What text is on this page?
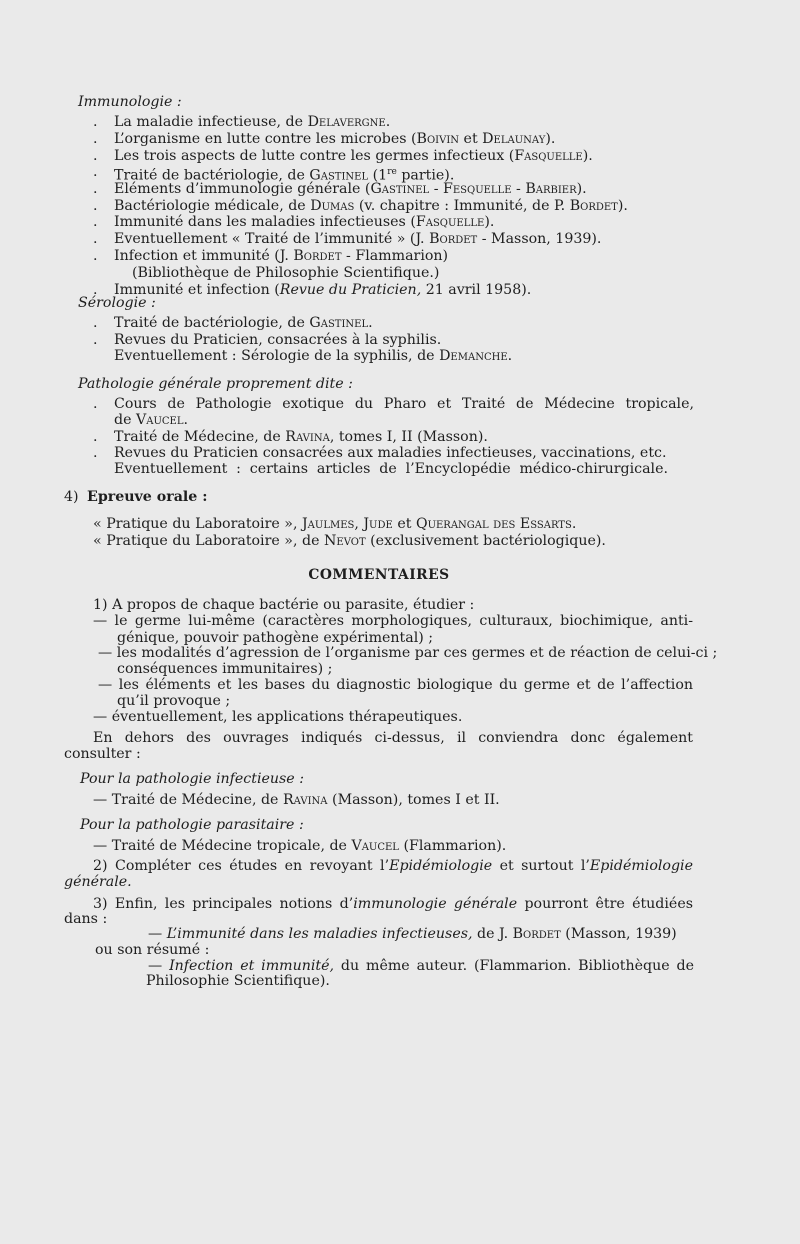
Immunologie :
.	La maladie infectieuse, de Delavergne.
.	L’organisme en lutte contre les microbes (Boivin et Delaunay).
.	Les trois aspects de lutte contre les germes infectieux (Fasquelle).
.	Traité de bactériologie, de Gastinel (1re partie).
.	Eléments d’immunologie générale (Gastinel - Fesquelle - Barbier).
.	Bactériologie médicale, de Dumas (v. chapitre : Immunité, de P. Bordet).
.	Immunité dans les maladies infectieuses (Fasquelle).
.	Eventuellement « Traité de l’immunité » (J. Bordet - Masson, 1939).
.	Infection et immunité (J. Bordet - Flammarion)
(Bibliothèque de Philosophie Scientifique.)
.	Immunité et infection (Revue du Praticien, 21 avril 1958).
Sérologie :
.	Traité de bactériologie, de Gastinel.
.	Revues du Praticien, consacrées à la syphilis.
Eventuellement : Sérologie de la syphilis, de Demanche.
Pathologie générale proprement dite :
.	Cours de Pathologie exotique du Pharo et Traité de Médecine tropicale,
de Vaucel.
.	Traité de Médecine, de Ravina, tomes I, II (Masson).
.	Revues du Praticien consacrées aux maladies infectieuses, vaccinations, etc.
Eventuellement : certains articles de l’Encyclopédie médico-chirurgicale.
4) Epreuve orale :
« Pratique du Laboratoire », Jaulmes, Jude et Querangal des Essarts.
« Pratique du Laboratoire », de Nevot (exclusivement bactériologique).
COMMENTAIRES
1) A propos de chaque bactérie ou parasite, étudier :
— le germe lui-même (caractères morphologiques, culturaux, biochimique, anti-
génique, pouvoir pathogène expérimental) ;
— les modalités d’agression de l’organisme par ces germes et de réaction de celui-ci ;
conséquences immunitaires) ;
— les éléments et les bases du diagnostic biologique du germe et de l’affection
qu’il provoque ;
— éventuellement, les applications thérapeutiques.
En dehors des ouvrages indiqués ci-dessus, il conviendra donc également
consulter :
Pour la pathologie infectieuse :
— Traité de Médecine, de Ravina (Masson), tomes I et II.
Pour la pathologie parasitaire :
— Traité de Médecine tropicale, de Vaucel (Flammarion).
2) Compléter ces études en revoyant l’Epidémiologie et surtout l’Epidémiologie
générale.
3) Enfin, les principales notions d’immunologie générale pourront être étudiées
dans :
— L’immunité dans les maladies infectieuses, de J. Bordet (Masson, 1939)
ou son résumé :
— Infection et immunité, du même auteur. (Flammarion. Bibliothèque de
Philosophie Scientifique).
